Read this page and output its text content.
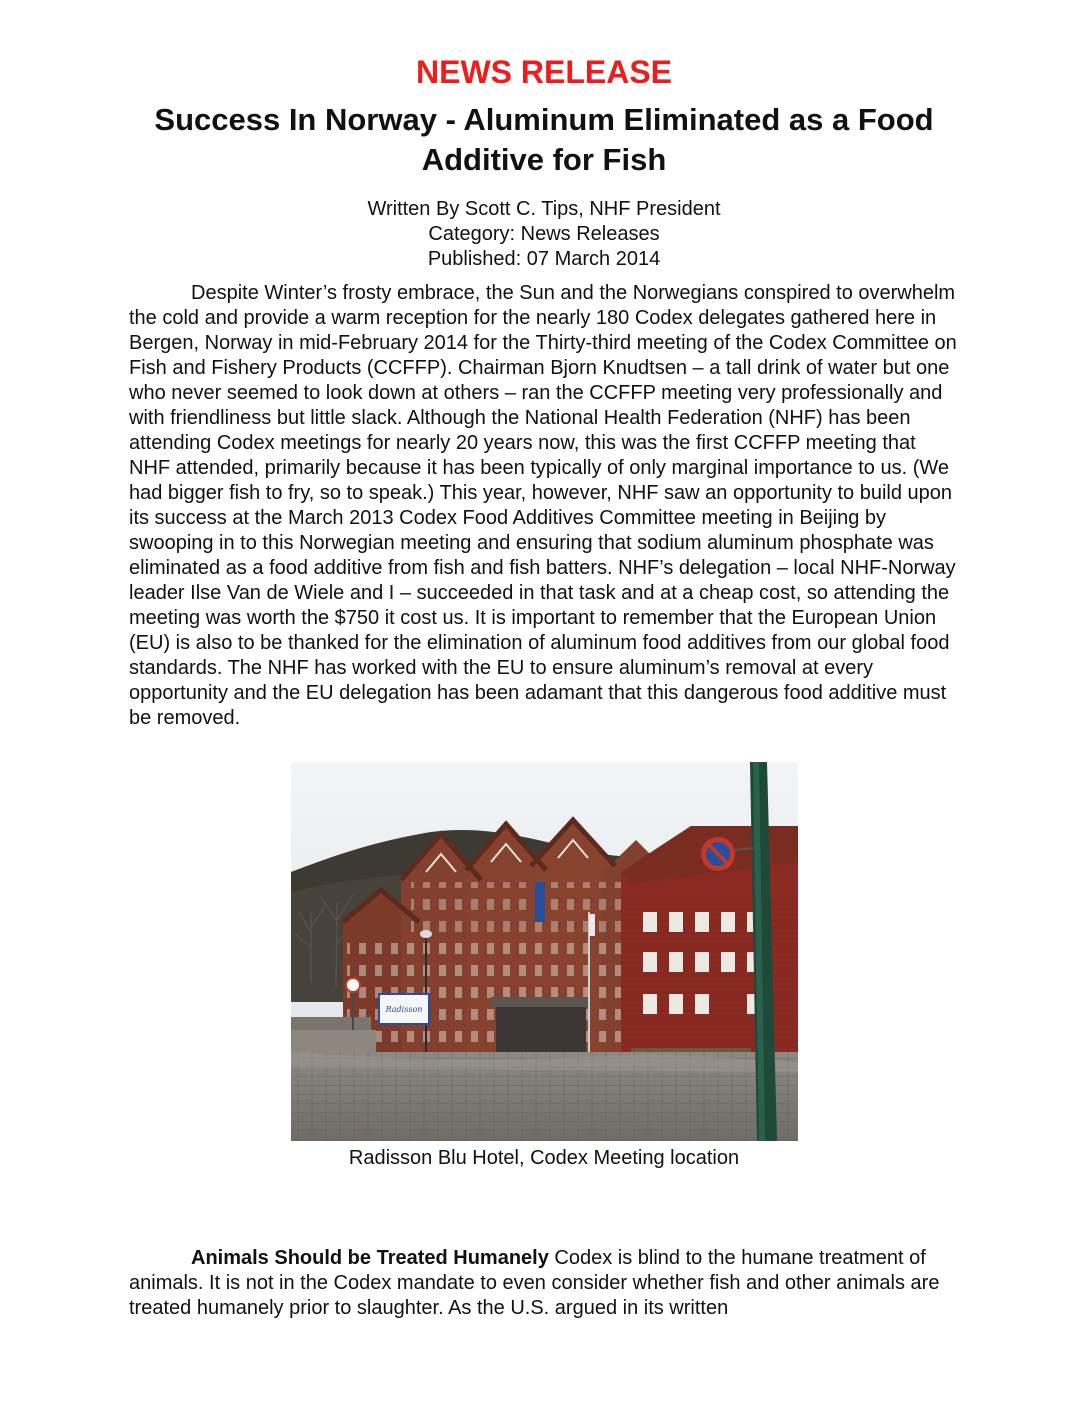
NEWS RELEASE
Success In Norway - Aluminum Eliminated as a Food Additive for Fish
Written By Scott C. Tips, NHF President
Category: News Releases
Published: 07 March 2014

Despite Winter’s frosty embrace, the Sun and the Norwegians conspired to overwhelm the cold and provide a warm reception for the nearly 180 Codex delegates gathered here in Bergen, Norway in mid-February 2014 for the Thirty-third meeting of the Codex Committee on Fish and Fishery Products (CCFFP). Chairman Bjorn Knudtsen – a tall drink of water but one who never seemed to look down at others – ran the CCFFP meeting very professionally and with friendliness but little slack. Although the National Health Federation (NHF) has been attending Codex meetings for nearly 20 years now, this was the first CCFFP meeting that NHF attended, primarily because it has been typically of only marginal importance to us. (We had bigger fish to fry, so to speak.) This year, however, NHF saw an opportunity to build upon its success at the March 2013 Codex Food Additives Committee meeting in Beijing by swooping in to this Norwegian meeting and ensuring that sodium aluminum phosphate was eliminated as a food additive from fish and fish batters. NHF’s delegation – local NHF-Norway leader Ilse Van de Wiele and I – succeeded in that task and at a cheap cost, so attending the meeting was worth the $750 it cost us. It is important to remember that the European Union (EU) is also to be thanked for the elimination of aluminum food additives from our global food standards. The NHF has worked with the EU to ensure aluminum’s removal at every opportunity and the EU delegation has been adamant that this dangerous food additive must be removed.

Radisson
Radisson Blu Hotel, Codex Meeting location

Animals Should be Treated Humanely Codex is blind to the humane treatment of animals. It is not in the Codex mandate to even consider whether fish and other animals are treated humanely prior to slaughter. As the U.S. argued in its written
